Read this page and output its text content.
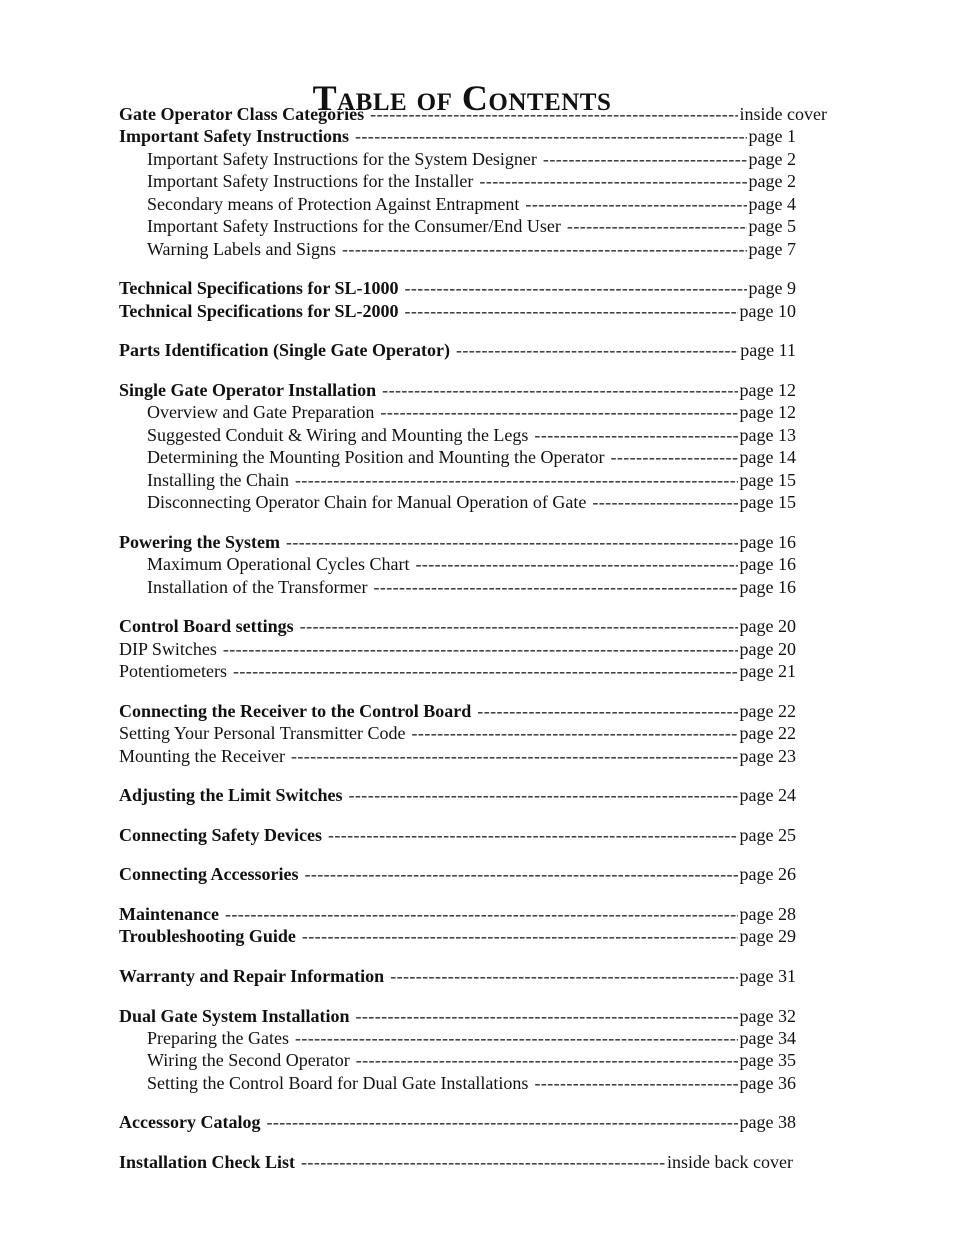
Table of Contents
Gate Operator Class Categories -----	inside cover
Important Safety Instructions -----	page 1
Important Safety Instructions for the System Designer -----	page 2
Important Safety Instructions for the Installer -----	page 2
Secondary means of Protection Against Entrapment -----	page 4
Important Safety Instructions for the Consumer/End User -----	page 5
Warning Labels and Signs -----	page 7
Technical Specifications for SL-1000 -----	page 9
Technical Specifications for SL-2000 -----	page 10
Parts Identification (Single Gate Operator) -----	page 11
Single Gate Operator Installation -----	page 12
Overview and Gate Preparation -----	page 12
Suggested Conduit & Wiring and Mounting the Legs -----	page 13
Determining the Mounting Position and Mounting the Operator -----	page 14
Installing the Chain -----	page 15
Disconnecting Operator Chain for Manual Operation of Gate -----	page 15
Powering the System -----	page 16
Maximum Operational Cycles Chart -----	page 16
Installation of the Transformer -----	page 16
Control Board settings -----	page 20
DIP Switches -----	page 20
Potentiometers -----	page 21
Connecting the Receiver to the Control Board -----	page 22
Setting Your Personal Transmitter Code -----	page 22
Mounting the Receiver -----	page 23
Adjusting the Limit Switches -----	page 24
Connecting Safety Devices -----	page 25
Connecting Accessories -----	page 26
Maintenance -----	page 28
Troubleshooting Guide -----	page 29
Warranty and Repair Information -----	page 31
Dual Gate System Installation -----	page 32
Preparing the Gates -----	page 34
Wiring the Second Operator -----	page 35
Setting the Control Board for Dual Gate Installations -----	page 36
Accessory Catalog -----	page 38
Installation Check List -----	inside back cover
